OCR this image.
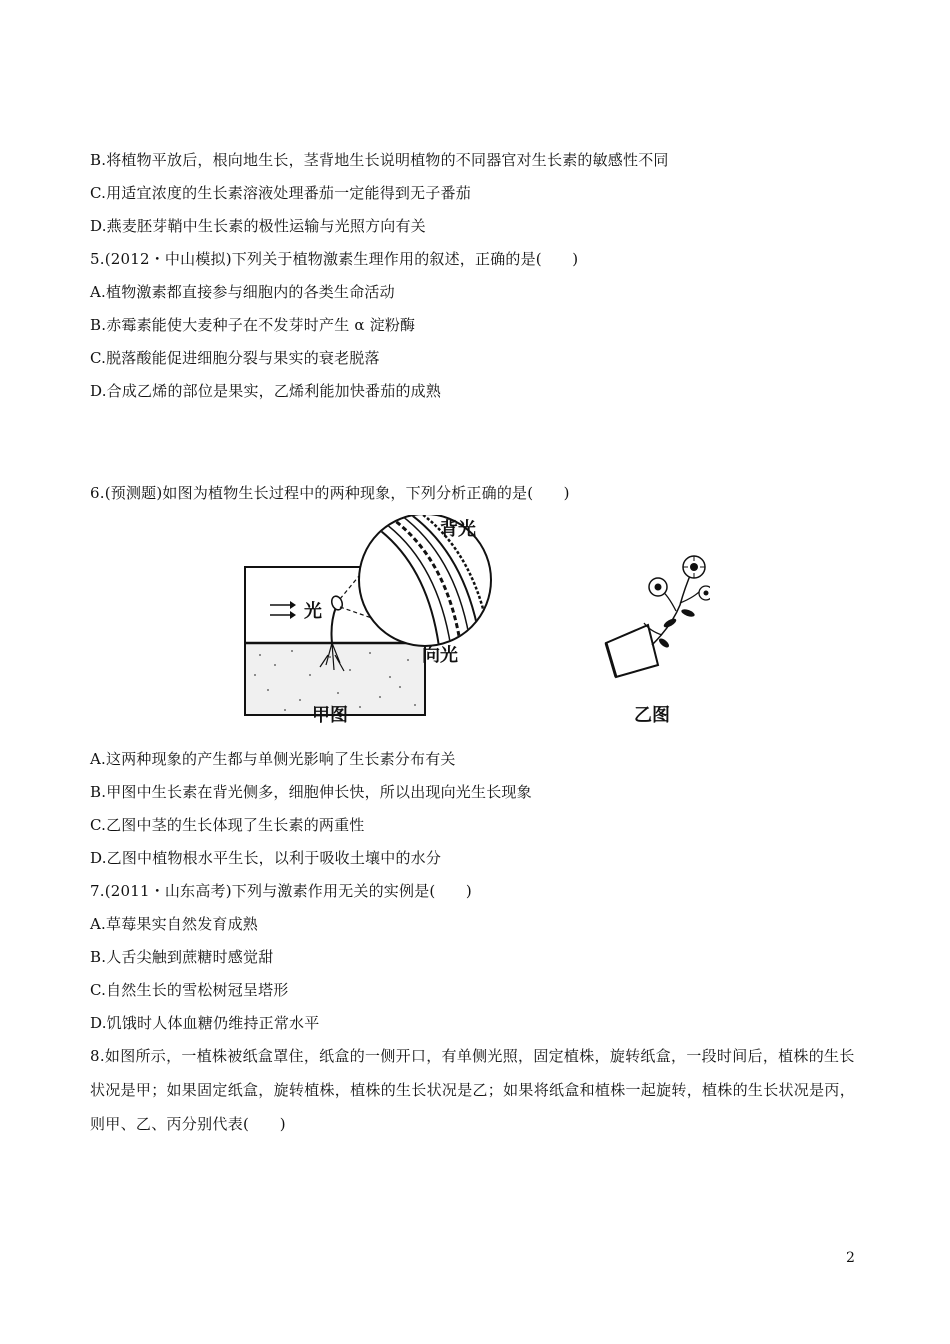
B.将植物平放后，根向地生长，茎背地生长说明植物的不同器官对生长素的敏感性不同
C.用适宜浓度的生长素溶液处理番茄一定能得到无子番茄
D.燕麦胚芽鞘中生长素的极性运输与光照方向有关
5.(2012・中山模拟)下列关于植物激素生理作用的叙述，正确的是(　　)
A.植物激素都直接参与细胞内的各类生命活动
B.赤霉素能使大麦种子在不发芽时产生 α 淀粉酶
C.脱落酸能促进细胞分裂与果实的衰老脱落
D.合成乙烯的部位是果实，乙烯利能加快番茄的成熟
6.(预测题)如图为植物生长过程中的两种现象，下列分析正确的是(　　)
光
背光
向光
甲图	乙图
A.这两种现象的产生都与单侧光影响了生长素分布有关
B.甲图中生长素在背光侧多，细胞伸长快，所以出现向光生长现象
C.乙图中茎的生长体现了生长素的两重性
D.乙图中植物根水平生长，以利于吸收土壤中的水分
7.(2011・山东高考)下列与激素作用无关的实例是(　　)
A.草莓果实自然发育成熟
B.人舌尖触到蔗糖时感觉甜
C.自然生长的雪松树冠呈塔形
D.饥饿时人体血糖仍维持正常水平
8.如图所示，一植株被纸盒罩住，纸盒的一侧开口，有单侧光照，固定植株，旋转纸盒，一段时间后，植株的生长状况是甲；如果固定纸盒，旋转植株，植株的生长状况是乙；如果将纸盒和植株一起旋转，植株的生长状况是丙，则甲、乙、丙分别代表(　　)
2
